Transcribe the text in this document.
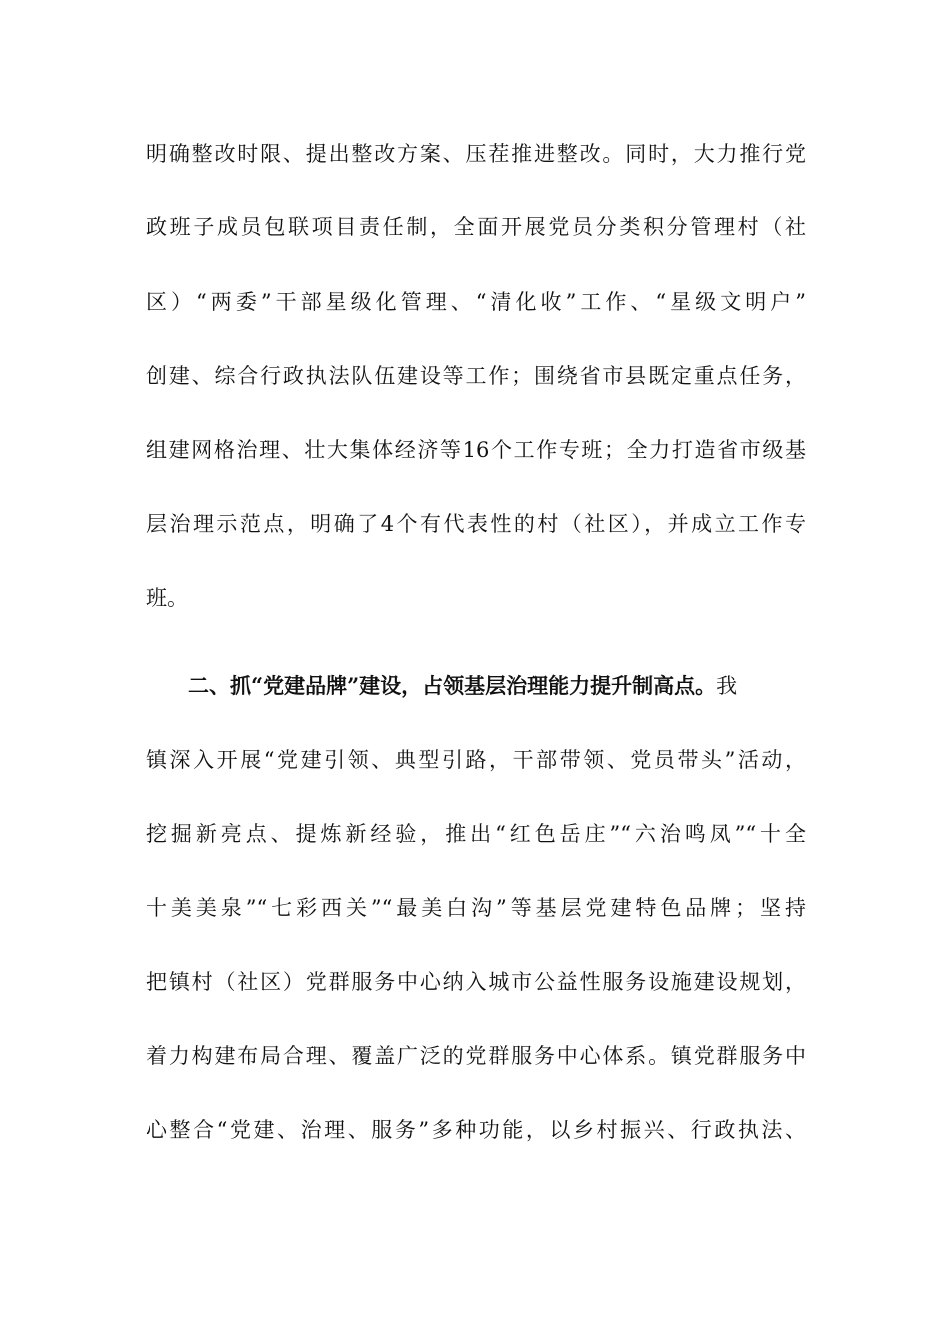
明确整改时限、提出整改方案、压茬推进整改。同时，大力推行党
政班子成员包联项目责任制，全面开展党员分类积分管理村（社
区）“两委”干部星级化管理、“清化收”工作、“星级文明户”
创建、综合行政执法队伍建设等工作；围绕省市县既定重点任务，
组建网格治理、壮大集体经济等16个工作专班；全力打造省市级基
层治理示范点，明确了4个有代表性的村（社区），并成立工作专
班。
二、抓“党建品牌”建设，占领基层治理能力提升制高点。我
镇深入开展“党建引领、典型引路，干部带领、党员带头”活动，
挖掘新亮点、提炼新经验，推出“红色岳庄”“六治鸣凤”“十全
十美美泉”“七彩西关”“最美白沟”等基层党建特色品牌；坚持
把镇村（社区）党群服务中心纳入城市公益性服务设施建设规划，
着力构建布局合理、覆盖广泛的党群服务中心体系。镇党群服务中
心整合“党建、治理、服务”多种功能，以乡村振兴、行政执法、
